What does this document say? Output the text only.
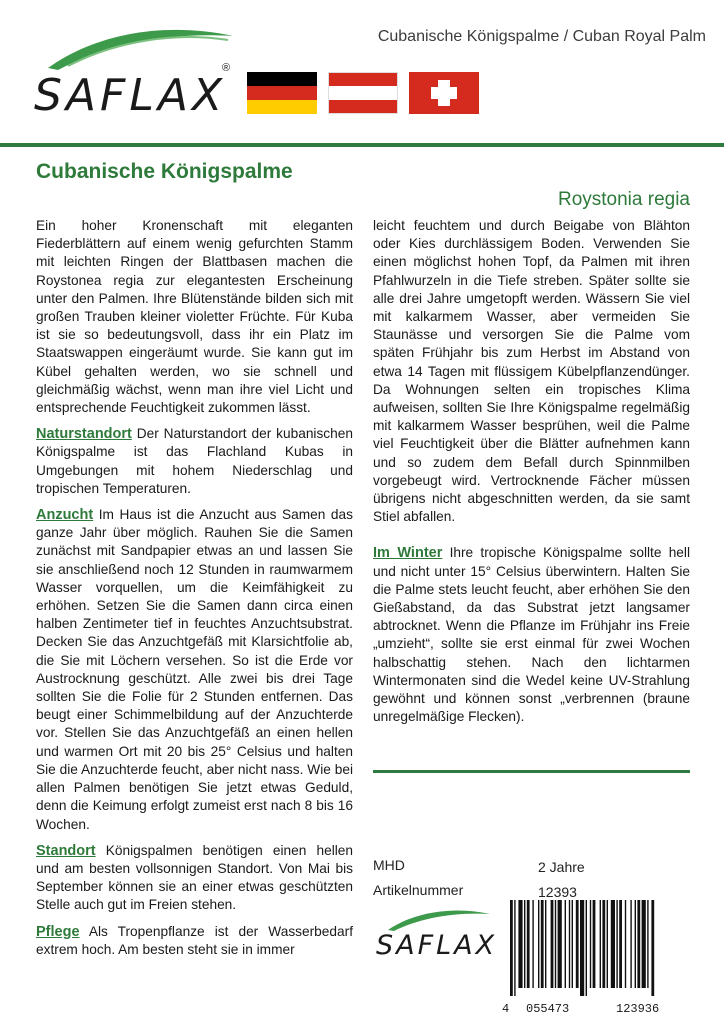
Cubanische Königspalme / Cuban Royal Palm
SAFLAX
®
Cubanische Königspalme
Roystonia regia

Ein hoher Kronenschaft mit eleganten Fiederblättern auf einem wenig gefurchten Stamm mit leichten Ringen der Blattbasen machen die Roystonea regia zur elegantesten Erscheinung unter den Palmen. Ihre Blütenstände bilden sich mit großen Trauben kleiner violetter Früchte. Für Kuba ist sie so bedeutungsvoll, dass ihr ein Platz im Staatswappen eingeräumt wurde. Sie kann gut im Kübel gehalten werden, wo sie schnell und gleichmäßig wächst, wenn man ihre viel Licht und entsprechende Feuchtigkeit zukommen lässt.

Naturstandort Der Naturstandort der kubanischen Königspalme ist das Flachland Kubas in Umgebungen mit hohem Niederschlag und tropischen Temperaturen.

Anzucht Im Haus ist die Anzucht aus Samen das ganze Jahr über möglich. Rauhen Sie die Samen zunächst mit Sandpapier etwas an und lassen Sie sie anschließend noch 12 Stunden in raumwarmem Wasser vorquellen, um die Keimfähigkeit zu erhöhen. Setzen Sie die Samen dann circa einen halben Zentimeter tief in feuchtes Anzuchtsubstrat. Decken Sie das Anzuchtgefäß mit Klarsichtfolie ab, die Sie mit Löchern versehen. So ist die Erde vor Austrocknung geschützt. Alle zwei bis drei Tage sollten Sie die Folie für 2 Stunden entfernen. Das beugt einer Schimmelbildung auf der Anzuchterde vor. Stellen Sie das Anzuchtgefäß an einen hellen und warmen Ort mit 20 bis 25° Celsius und halten Sie die Anzuchterde feucht, aber nicht nass. Wie bei allen Palmen benötigen Sie jetzt etwas Geduld, denn die Keimung erfolgt zumeist erst nach 8 bis 16 Wochen.

Standort Königspalmen benötigen einen hellen und am besten vollsonnigen Standort. Von Mai bis September können sie an einer etwas geschützten Stelle auch gut im Freien stehen.

Pflege Als Tropenpflanze ist der Wasserbedarf extrem hoch. Am besten steht sie in immer

leicht feuchtem und durch Beigabe von Blähton oder Kies durchlässigem Boden. Verwenden Sie einen möglichst hohen Topf, da Palmen mit ihren Pfahlwurzeln in die Tiefe streben. Später sollte sie alle drei Jahre umgetopft werden. Wässern Sie viel mit kalkarmem Wasser, aber vermeiden Sie Staunässe und versorgen Sie die Palme vom späten Frühjahr bis zum Herbst im Abstand von etwa 14 Tagen mit flüssigem Kübelpflanzendünger. Da Wohnungen selten ein tropisches Klima aufweisen, sollten Sie Ihre Königspalme regelmäßig mit kalkarmem Wasser besprühen, weil die Palme viel Feuchtigkeit über die Blätter aufnehmen kann und so zudem dem Befall durch Spinnmilben vorgebeugt wird. Vertrocknende Fächer müssen übrigens nicht abgeschnitten werden, da sie samt Stiel abfallen.

Im Winter Ihre tropische Königspalme sollte hell und nicht unter 15° Celsius überwintern. Halten Sie die Palme stets leucht feucht, aber erhöhen Sie den Gießabstand, da das Substrat jetzt langsamer abtrocknet. Wenn die Pflanze im Frühjahr ins Freie „umzieht“, sollte sie erst einmal für zwei Wochen halbschattig stehen. Nach den lichtarmen Wintermonaten sind die Wedel keine UV-Strahlung gewöhnt und können sonst „verbrennen (braune unregelmäßige Flecken).

MHD	2 Jahre
Artikelnummer	12393
SAFLAX
4 055473	123936
